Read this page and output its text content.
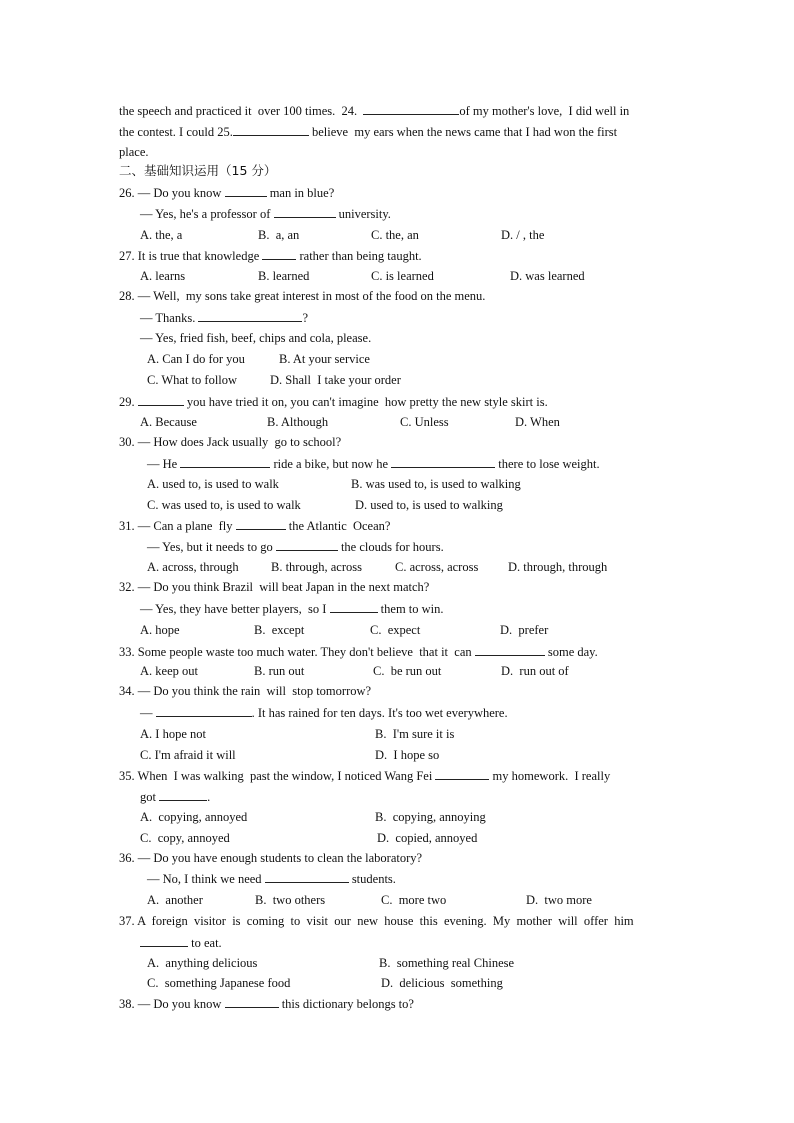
the speech and practiced it  over 100 times.  24.	of my mother's love,  I did well in
the contest. I could 25.	believe  my ears when the news came that I had won the first
place.
二、基础知识运用（15 分）
26. — Do you know	man in blue?
— Yes, he's a professor of	university.
A. the, a	B.  a, an	C. the, an	D. / , the
27. It is true that knowledge	rather than being taught.
A. learns	B. learned	C. is learned	D. was learned
28. — Well,  my sons take great interest in most of the food on the menu.
— Thanks.	?
— Yes, fried fish, beef, chips and cola, please.
A. Can I do for you	B. At your service
C. What to follow	D. Shall  I take your order
29.	you have tried it on, you can't imagine  how pretty the new style skirt is.
A. Because	B. Although	C. Unless	D. When
30. — How does Jack usually  go to school?
— He	ride a bike, but now he	there to lose weight.
A. used to, is used to walk	B. was used to, is used to walking
C. was used to, is used to walk	D. used to, is used to walking
31. — Can a plane  fly	the Atlantic  Ocean?
— Yes, but it needs to go	the clouds for hours.
A. across, through	B. through, across	C. across, across D. through, through
32. — Do you think Brazil  will beat Japan in the next match?
— Yes, they have better players,  so I	them to win.
A. hope	B.  except	C.  expect	D.  prefer
33. Some people waste too much water. They don't believe  that it  can	some day.
A. keep out	B. run out	C.  be run out	D.  run out of
34. — Do you think the rain  will  stop tomorrow?
—	. It has rained for ten days. It's too wet everywhere.
A. I hope not	B.  I'm sure it is
C. I'm afraid it will	D.  I hope so
35. When  I was walking  past the window, I noticed Wang Fei	my homework.  I really
got	.
A.  copying, annoyed	B.  copying, annoying
C.  copy, annoyed	D.  copied, annoyed
36. — Do you have enough students to clean the laboratory?
— No, I think we need	students.
A.  another	B.  two others	C.  more two	D.  two more
37. A  foreign  visitor  is  coming  to  visit  our  new  house  this  evening.  My  mother  will  offer  him
to eat.
A.  anything delicious	B.  something real Chinese
C.  something Japanese food	D.  delicious  something
38. — Do you know	this dictionary belongs to?
